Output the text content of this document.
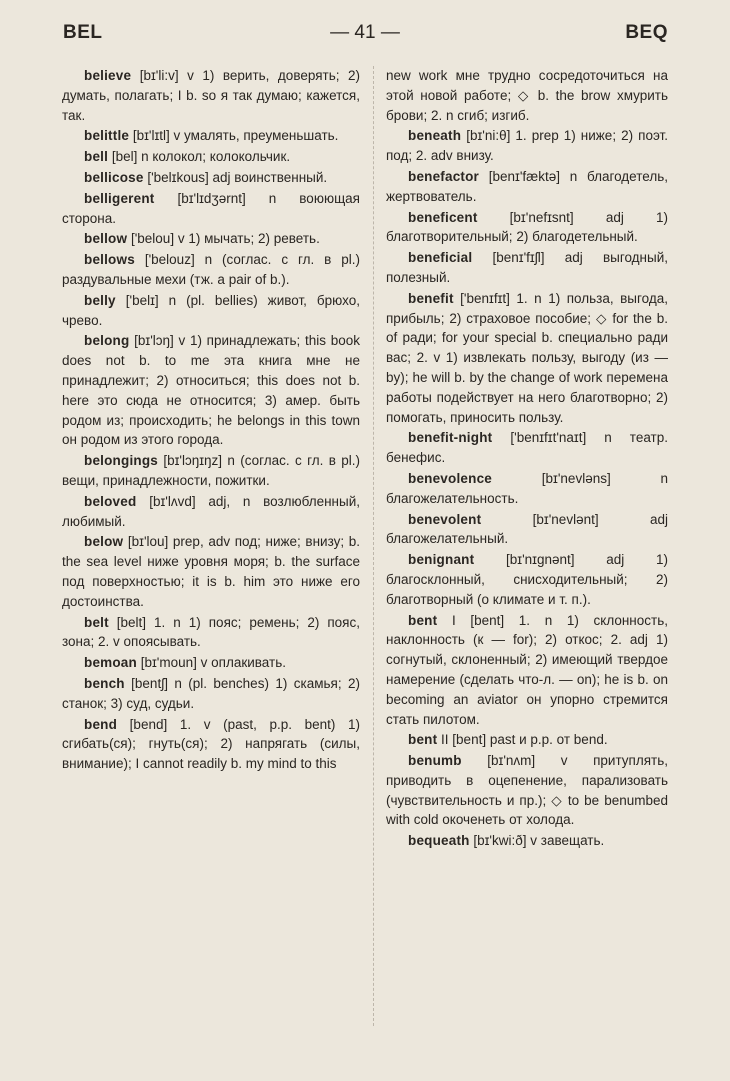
BEL	— 41 —	BEQ

believe [bɪ'li:v] v 1) верить, доверять; 2) думать, полагать; I b. so я так думаю; кажется, так.

belittle [bɪ'lɪtl] v умалять, преуменьшать.

bell [bel] n колокол; колокольчик.

bellicose ['belɪkous] adj воинственный.

belligerent [bɪ'lɪdʒərnt] n воюющая сторона.

bellow ['belou] v 1) мычать; 2) реветь.

bellows ['belouz] n (соглас. с гл. в pl.) раздувальные мехи (тж. a pair of b.).

belly ['belɪ] n (pl. bellies) живот, брюхо, чрево.

belong [bɪ'lɔŋ] v 1) принадлежать; this book does not b. to me эта книга мне не принадлежит; 2) относиться; this does not b. here это сюда не относится; 3) амер. быть родом из; происходить; he belongs in this town он родом из этого города.

belongings [bɪ'lɔŋɪŋz] n (соглас. с гл. в pl.) вещи, принадлежности, пожитки.

beloved [bɪ'lʌvd] adj, n возлюбленный, любимый.

below [bɪ'lou] prep, adv под; ниже; внизу; b. the sea level ниже уровня моря; b. the surface под поверхностью; it is b. him это ниже его достоинства.

belt [belt] 1. n 1) пояс; ремень; 2) пояс, зона; 2. v опоясывать.

bemoan [bɪ'moun] v оплакивать.

bench [bentʃ] n (pl. benches) 1) скамья; 2) станок; 3) суд, судьи.

bend [bend] 1. v (past, p.p. bent) 1) сгибать(ся); гнуть(ся); 2) напрягать (силы, внимание); I cannot readily b. my mind to this

new work мне трудно сосредоточиться на этой новой работе; ◇ b. the brow хмурить брови; 2. n сгиб; изгиб.

beneath [bɪ'ni:θ] 1. prep 1) ниже; 2) поэт. под; 2. adv внизу.

benefactor [benɪ'fæktə] n благодетель, жертвователь.

beneficent [bɪ'nefɪsnt] adj 1) благотворительный; 2) благодетельный.

beneficial [benɪ'fɪʃl] adj выгодный, полезный.

benefit ['benɪfɪt] 1. n 1) польза, выгода, прибыль; 2) страховое пособие; ◇ for the b. of ради; for your special b. специально ради вас; 2. v 1) извлекать пользу, выгоду (из — by); he will b. by the change of work перемена работы подействует на него благотворно; 2) помогать, приносить пользу.

benefit-night ['benɪfɪt'naɪt] n театр. бенефис.

benevolence [bɪ'nevləns] n благожелательность.

benevolent [bɪ'nevlənt] adj благожелательный.

benignant [bɪ'nɪgnənt] adj 1) благосклонный, снисходительный; 2) благотворный (о климате и т. п.).

bent I [bent] 1. n 1) склонность, наклонность (к — for); 2) откос; 2. adj 1) согнутый, склоненный; 2) имеющий твердое намерение (сделать что-л. — on); he is b. on becoming an aviator он упорно стремится стать пилотом.

bent II [bent] past и p.p. от bend.

benumb [bɪ'nʌm] v притуплять, приводить в оцепенение, парализовать (чувствительность и пр.); ◇ to be benumbed with cold окоченеть от холода.

bequeath [bɪ'kwi:ð] v завещать.
